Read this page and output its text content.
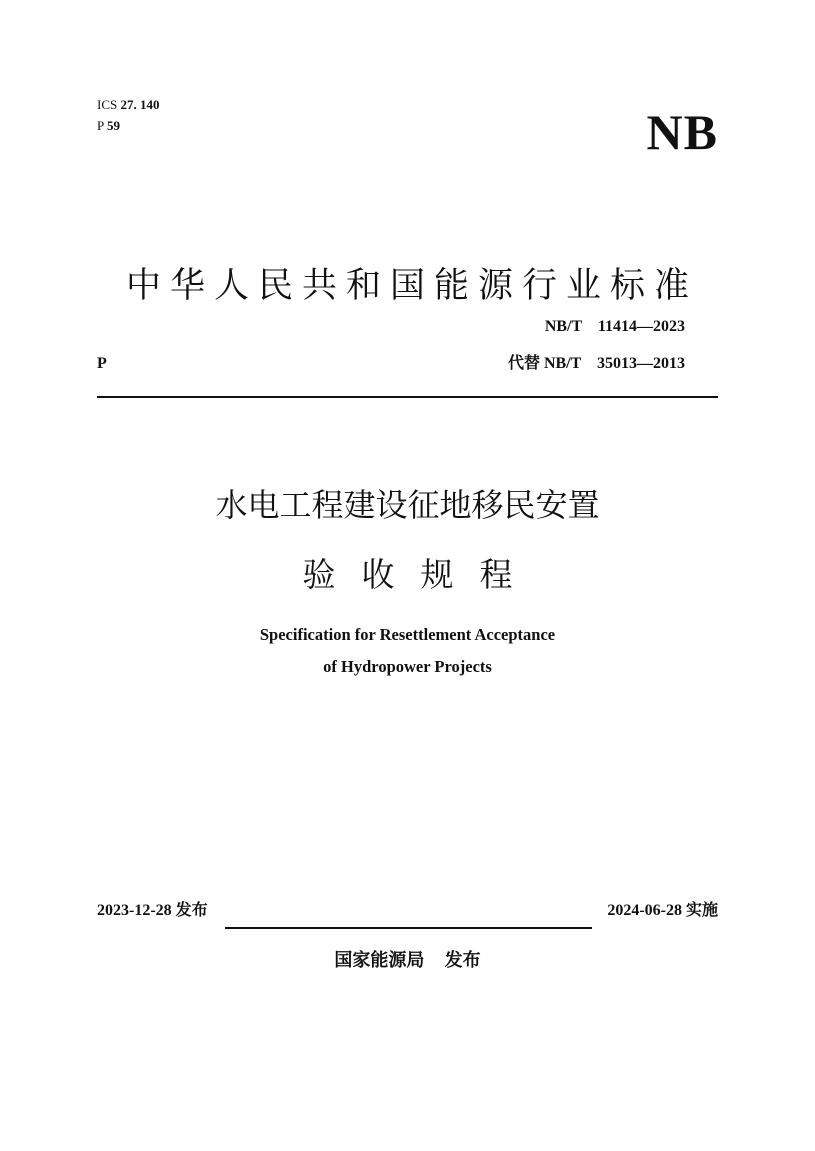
ICS 27. 140
P 59	NB
中华人民共和国能源行业标准
NB/T　11414—2023
P	代替 NB/T　35013—2013
水电工程建设征地移民安置
验收规程
Specification for Resettlement Acceptance
of Hydropower Projects
2023-12-28 发布	2024-06-28 实施
国家能源局 发布
